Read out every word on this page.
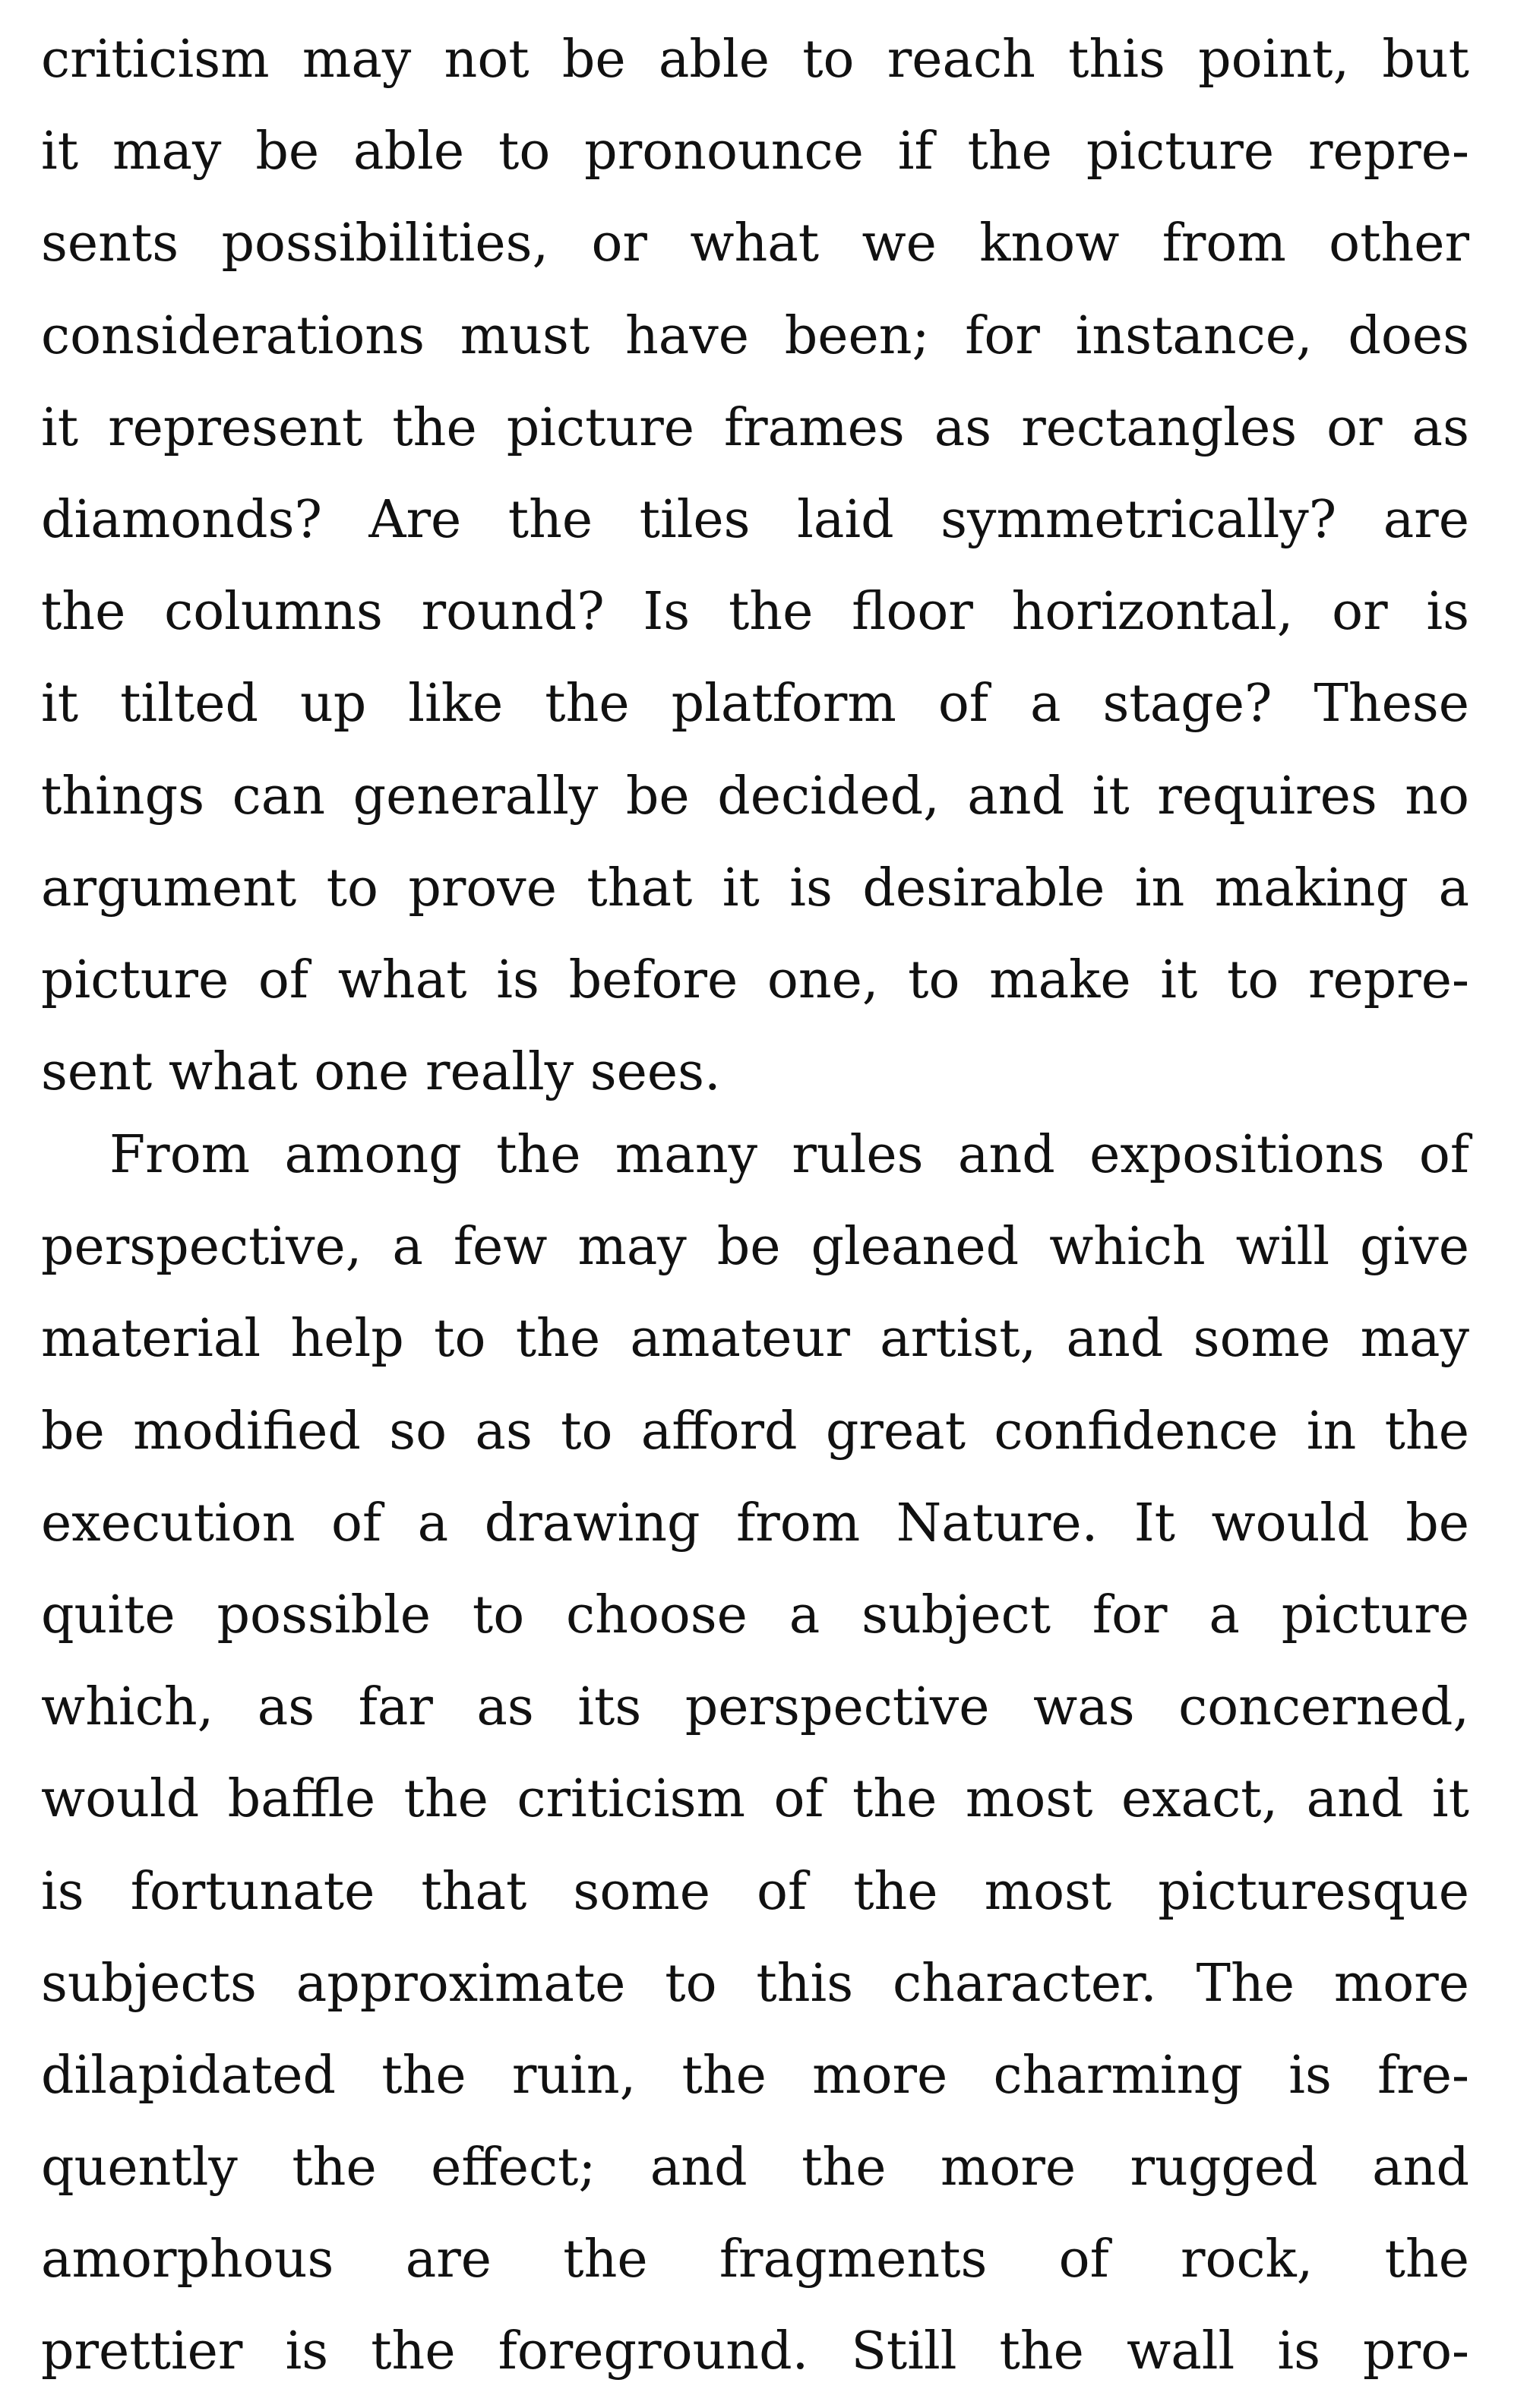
criticism may not be able to reach this point, but
it may be able to pronounce if the picture repre-
sents possibilities, or what we know from other
considerations must have been; for instance, does
it represent the picture frames as rectangles or as
diamonds? Are the tiles laid symmetrically? are
the columns round? Is the floor horizontal, or is
it tilted up like the platform of a stage? These
things can generally be decided, and it requires no
argument to prove that it is desirable in making a
picture of what is before one, to make it to repre-
sent what one really sees.
From among the many rules and expositions of
perspective, a few may be gleaned which will give
material help to the amateur artist, and some may
be modified so as to afford great confidence in the
execution of a drawing from Nature. It would be
quite possible to choose a subject for a picture
which, as far as its perspective was concerned,
would baffle the criticism of the most exact, and it
is fortunate that some of the most picturesque
subjects approximate to this character. The more
dilapidated the ruin, the more charming is fre-
quently the effect; and the more rugged and
amorphous are the fragments of rock, the
prettier is the foreground. Still the wall is pro-
